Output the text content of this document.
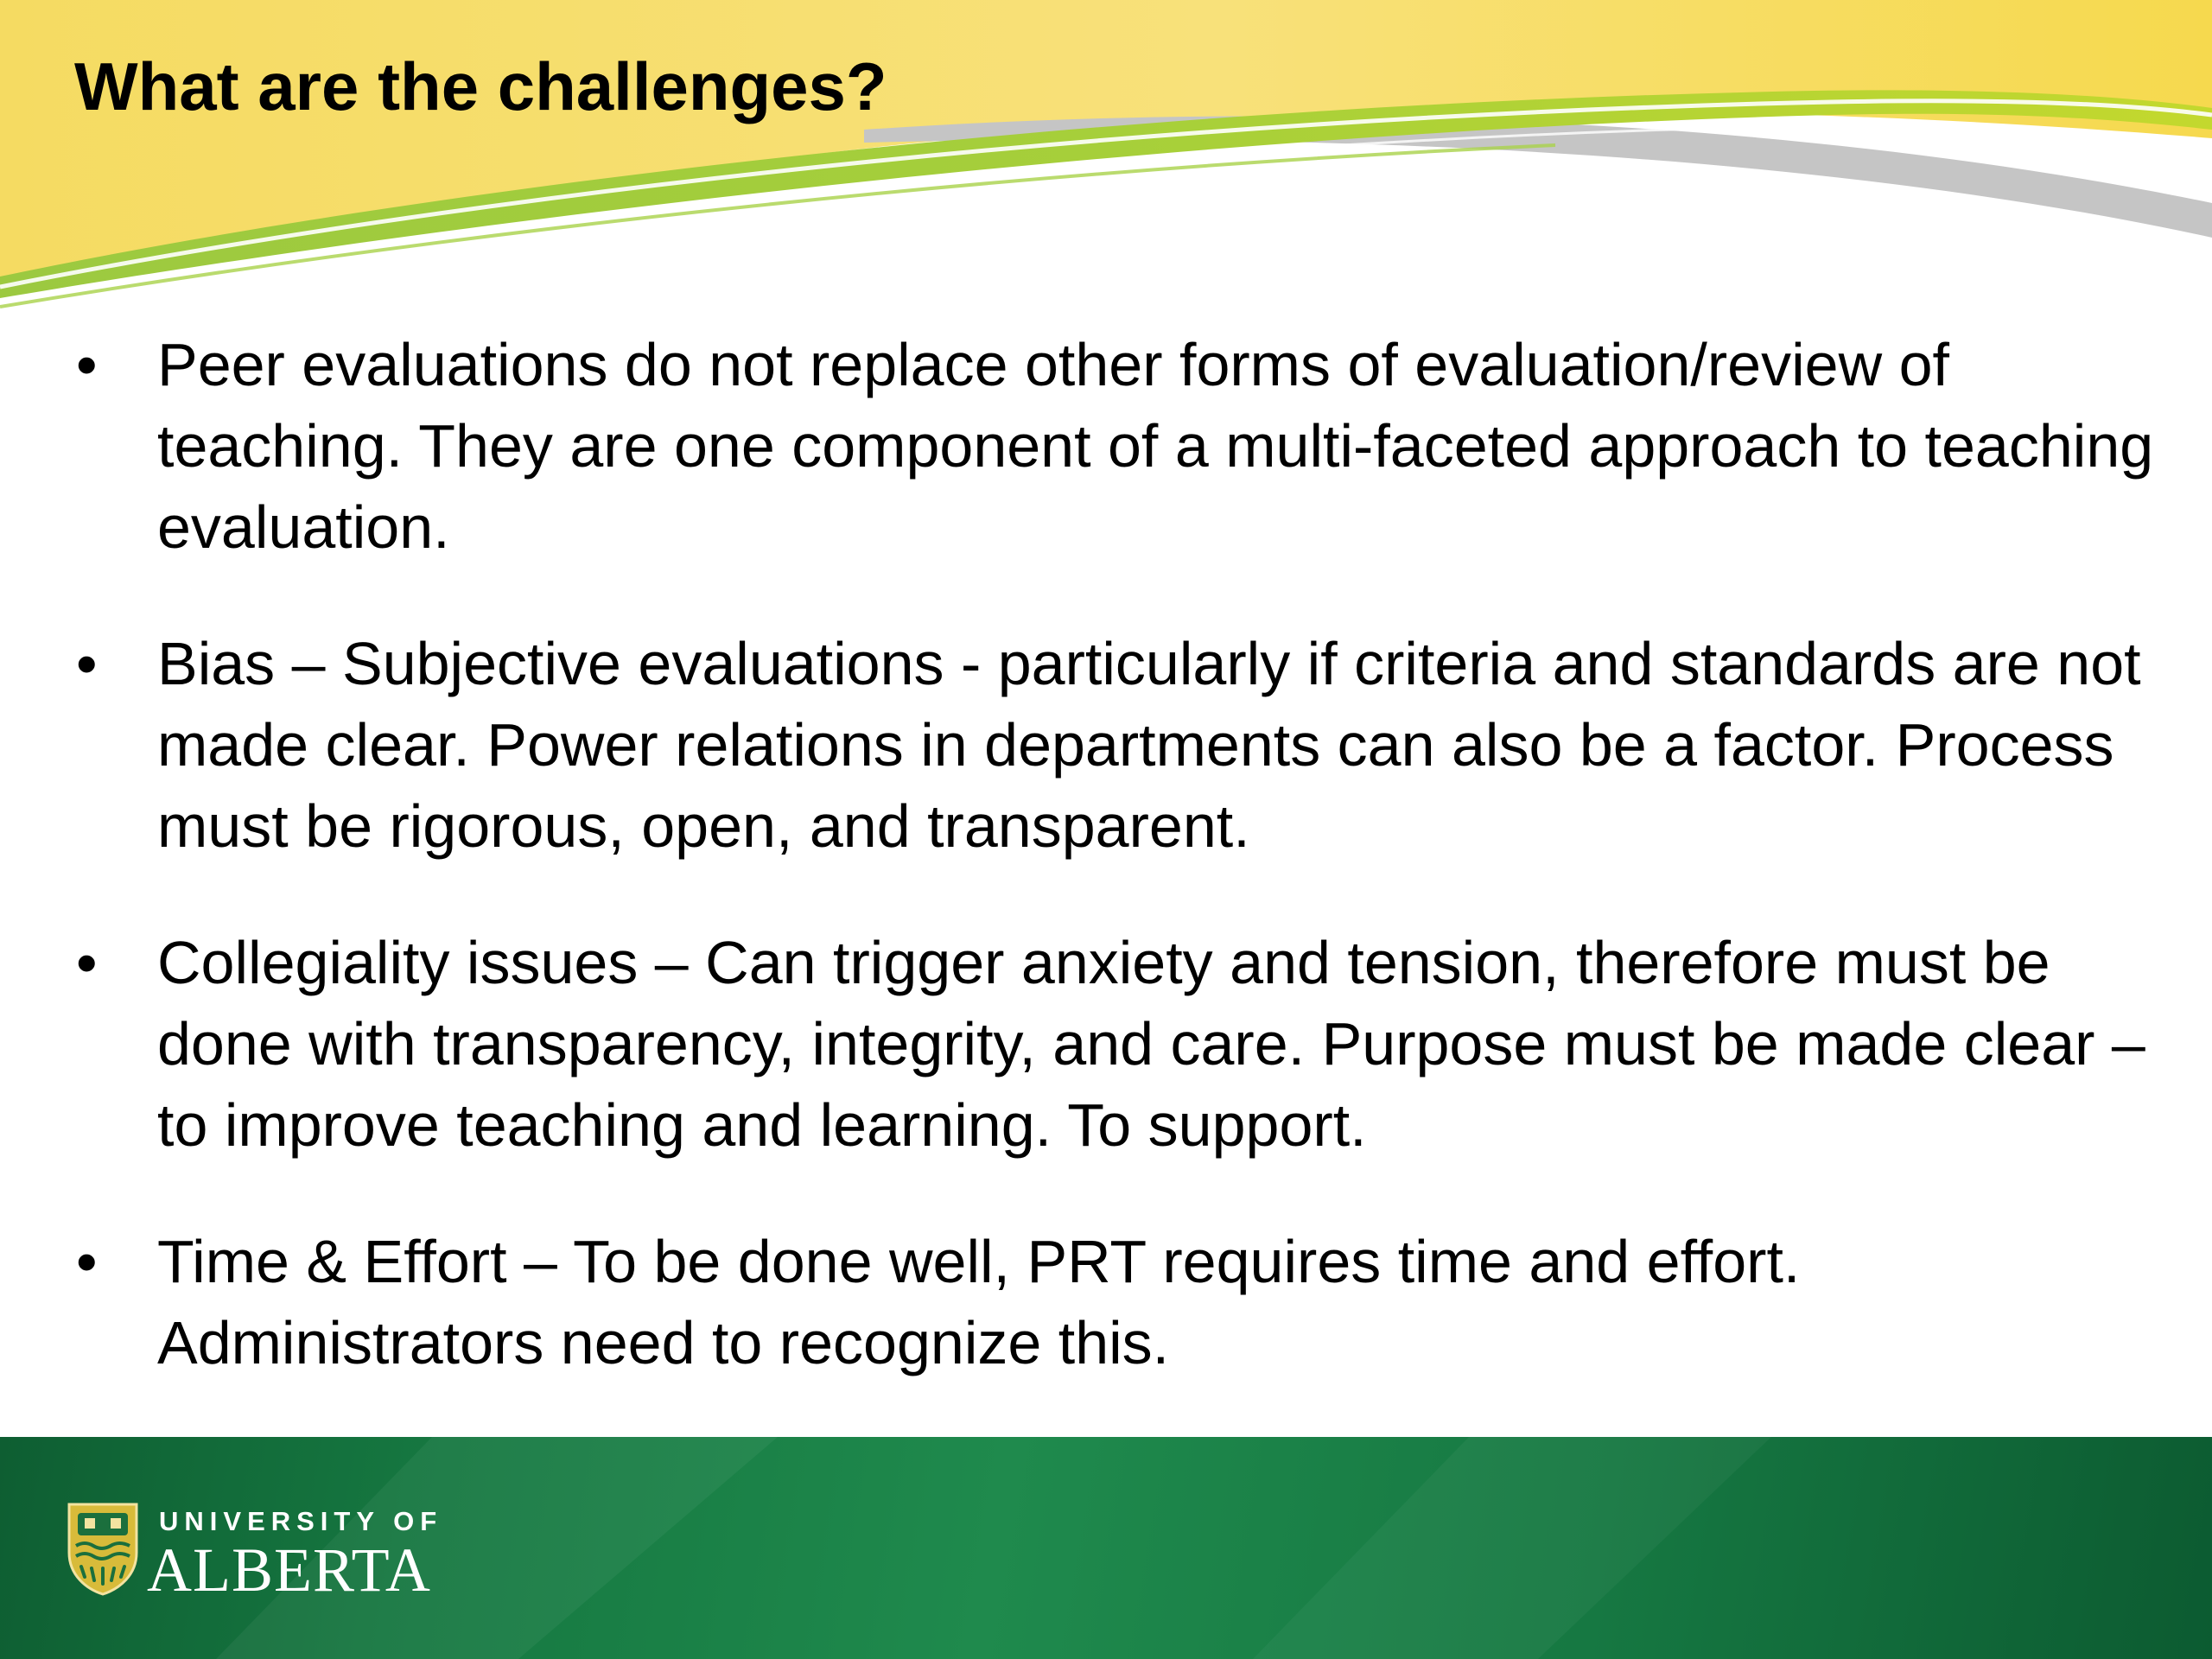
What are the challenges?
• Peer evaluations do not replace other forms of evaluation/review of teaching. They are one component of a multi-faceted approach to teaching evaluation.
• Bias – Subjective evaluations - particularly if criteria and standards are not made clear. Power relations in departments can also be a factor. Process must be rigorous, open, and transparent.
• Collegiality issues – Can trigger anxiety and tension, therefore must be done with transparency, integrity, and care. Purpose must be made clear – to improve teaching and learning. To support.
• Time & Effort – To be done well, PRT requires time and effort. Administrators need to recognize this.
UNIVERSITY OF
ALBERTA
